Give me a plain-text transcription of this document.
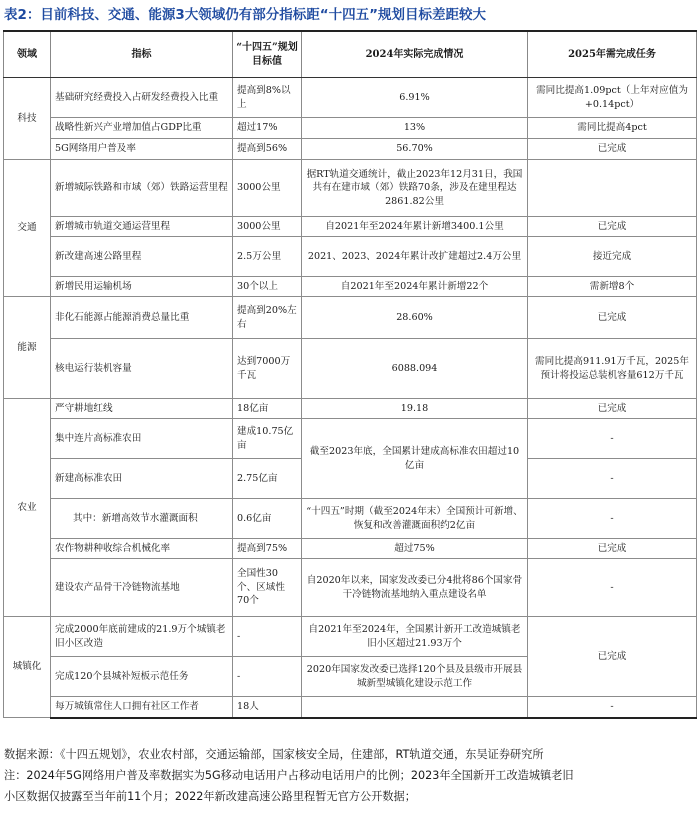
表2：目前科技、交通、能源3大领域仍有部分指标距“十四五”规划目标差距较大
领域	指标	“十四五”规划目标值	2024年实际完成情况	2025年需完成任务
科技	基础研究经费投入占研发经费投入比重	提高到8%以上	6.91%	需同比提高1.09pct（上年对应值为+0.14pct）
	战略性新兴产业增加值占GDP比重	超过17%	13%	需同比提高4pct
	5G网络用户普及率	提高到56%	56.70%	已完成
交通	新增城际铁路和市域（郊）铁路运营里程	3000公里	据RT轨道交通统计，截止2023年12月31日，我国共有在建市域（郊）铁路70条，涉及在建里程达2861.82公里	
	新增城市轨道交通运营里程	3000公里	自2021年至2024年累计新增3400.1公里	已完成
	新改建高速公路里程	2.5万公里	2021、2023、2024年累计改扩建超过2.4万公里	接近完成
	新增民用运输机场	30个以上	自2021年至2024年累计新增22个	需新增8个
能源	非化石能源占能源消费总量比重	提高到20%左右	28.60%	已完成
	核电运行装机容量	达到7000万千瓦	6088.094	需同比提高911.91万千瓦，2025年预计将投运总装机容量612万千瓦
农业	严守耕地红线	18亿亩	19.18	已完成
	集中连片高标准农田	建成10.75亿亩	截至2023年底，全国累计建成高标准农田超过10亿亩	-
	新建高标准农田	2.75亿亩		-
	其中：新增高效节水灌溉面积	0.6亿亩	“十四五”时期（截至2024年末）全国预计可新增、恢复和改善灌溉面积约2亿亩	-
	农作物耕种收综合机械化率	提高到75%	超过75%	已完成
	建设农产品骨干冷链物流基地	全国性30个、区域性70个	自2020年以来，国家发改委已分4批将86个国家骨干冷链物流基地纳入重点建设名单	-
城镇化	完成2000年底前建成的21.9万个城镇老旧小区改造	-	自2021年至2024年，全国累计新开工改造城镇老旧小区超过21.93万个	已完成
	完成120个县城补短板示范任务	-	2020年国家发改委已选择120个县及县级市开展县城新型城镇化建设示范工作	
	每万城镇常住人口拥有社区工作者	18人		-
数据来源：《十四五规划》，农业农村部，交通运输部，国家核安全局，住建部，RT轨道交通，东吴证券研究所
注：2024年5G网络用户普及率数据实为5G移动电话用户占移动电话用户的比例；2023年全国新开工改造城镇老旧
小区数据仅披露至当年前11个月；2022年新改建高速公路里程暂无官方公开数据；
